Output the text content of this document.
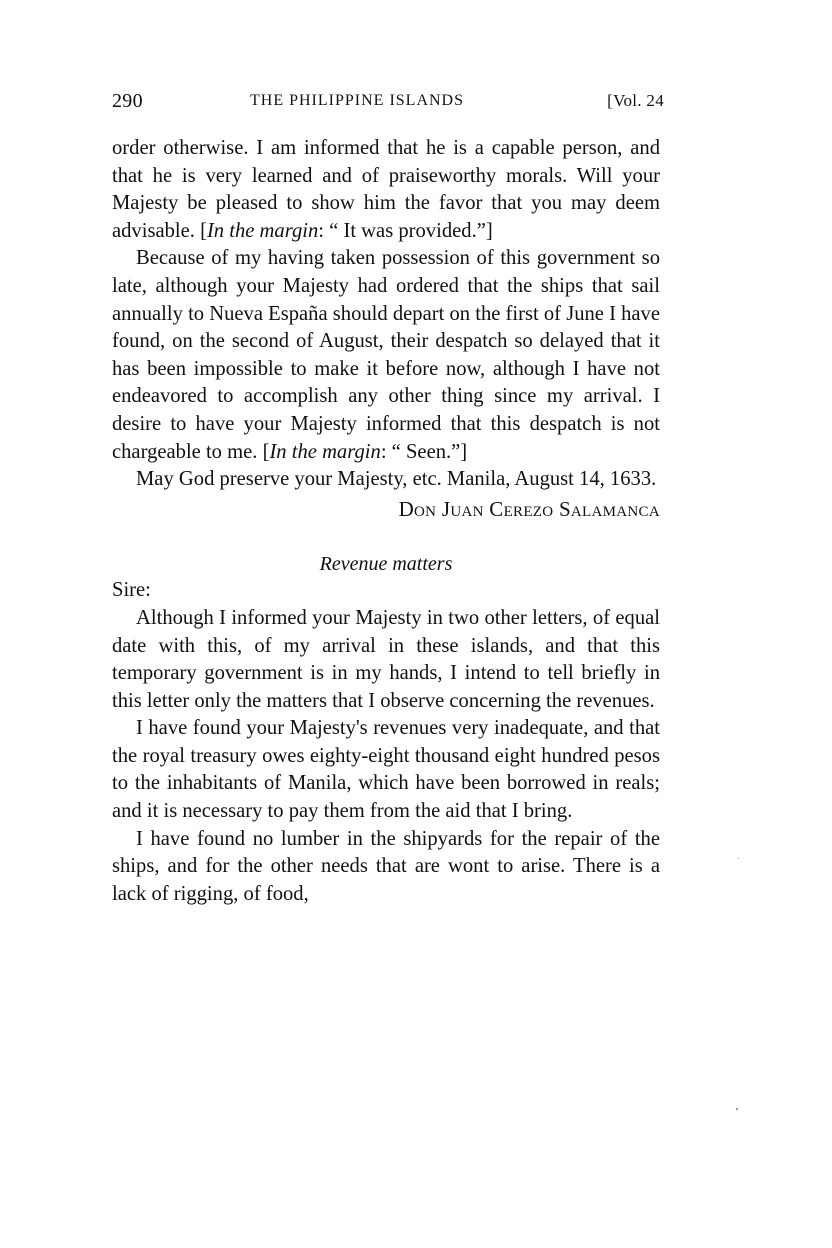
290	THE PHILIPPINE ISLANDS	[Vol. 24

order otherwise. I am informed that he is a capable person, and that he is very learned and of praiseworthy morals. Will your Majesty be pleased to show him the favor that you may deem advisable. [In the margin: “ It was provided.”]

Because of my having taken possession of this government so late, although your Majesty had ordered that the ships that sail annually to Nueva España should depart on the first of June I have found, on the second of August, their despatch so delayed that it has been impossible to make it before now, although I have not endeavored to accomplish any other thing since my arrival. I desire to have your Majesty informed that this despatch is not chargeable to me. [In the margin: “ Seen.”]

May God preserve your Majesty, etc. Manila, August 14, 1633.

Don Juan Cerezo Salamanca
Revenue matters

Sire:

Although I informed your Majesty in two other letters, of equal date with this, of my arrival in these islands, and that this temporary government is in my hands, I intend to tell briefly in this letter only the matters that I observe concerning the revenues.

I have found your Majesty's revenues very inadequate, and that the royal treasury owes eighty-eight thousand eight hundred pesos to the inhabitants of Manila, which have been borrowed in reals; and it is necessary to pay them from the aid that I bring.

I have found no lumber in the shipyards for the repair of the ships, and for the other needs that are wont to arise. There is a lack of rigging, of food,
